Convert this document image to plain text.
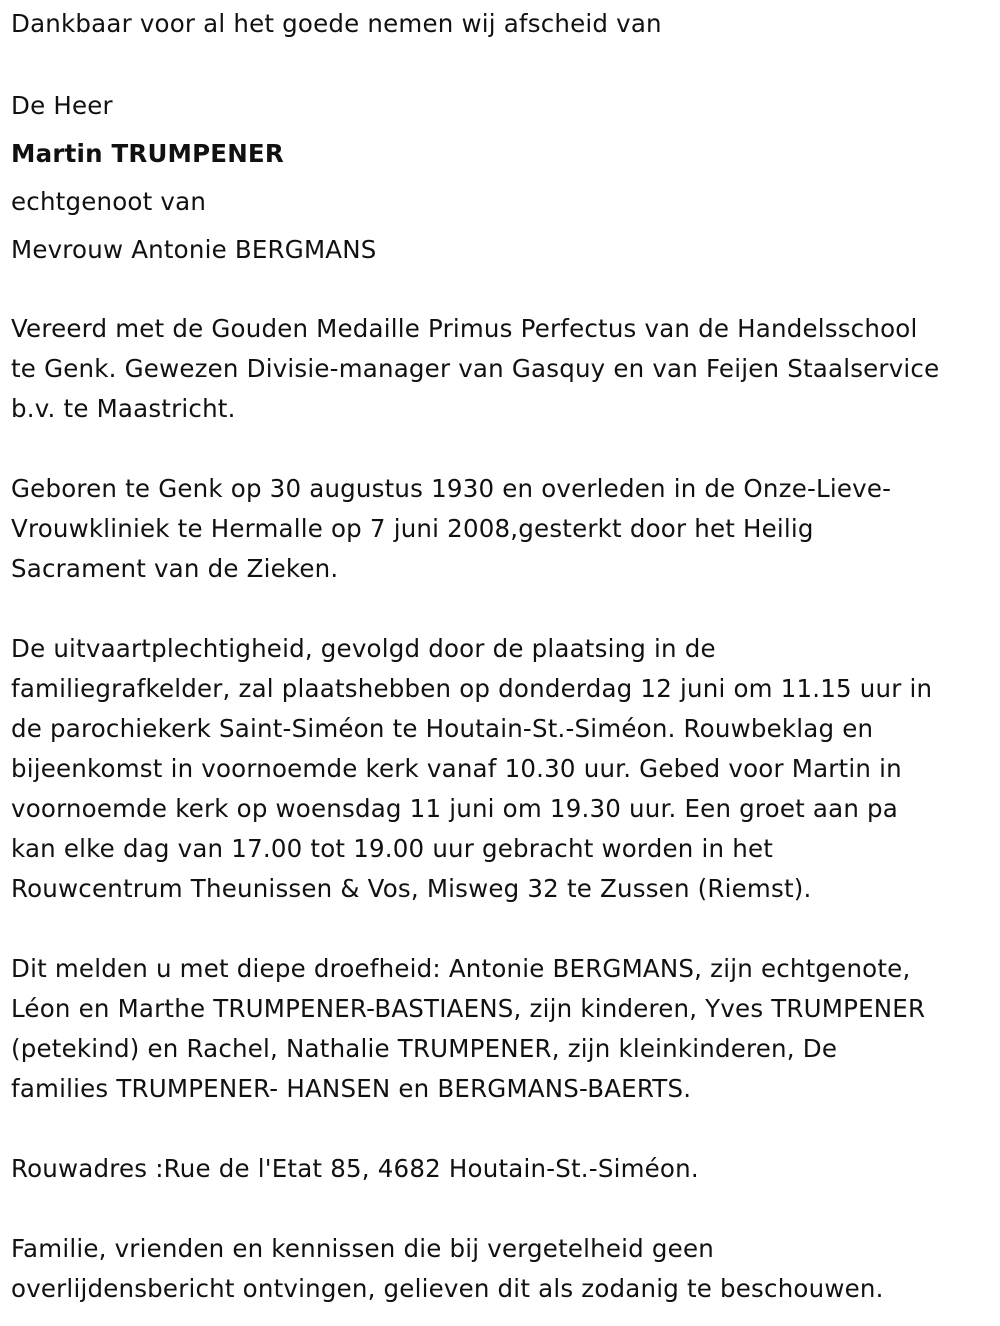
Dankbaar voor al het goede nemen wij afscheid van
De Heer
Martin TRUMPENER
echtgenoot van
Mevrouw Antonie BERGMANS
Vereerd met de Gouden Medaille Primus Perfectus van de Handelsschool
te Genk. Gewezen Divisie-manager van Gasquy en van Feijen Staalservice
b.v. te Maastricht.
Geboren te Genk op 30 augustus 1930 en overleden in de Onze-Lieve-
Vrouwkliniek te Hermalle op 7 juni 2008,gesterkt door het Heilig
Sacrament van de Zieken.
De uitvaartplechtigheid, gevolgd door de plaatsing in de
familiegrafkelder, zal plaatshebben op donderdag 12 juni om 11.15 uur in
de parochiekerk Saint-Siméon te Houtain-St.-Siméon. Rouwbeklag en
bijeenkomst in voornoemde kerk vanaf 10.30 uur. Gebed voor Martin in
voornoemde kerk op woensdag 11 juni om 19.30 uur. Een groet aan pa
kan elke dag van 17.00 tot 19.00 uur gebracht worden in het
Rouwcentrum Theunissen & Vos, Misweg 32 te Zussen (Riemst).
Dit melden u met diepe droefheid: Antonie BERGMANS, zijn echtgenote,
Léon en Marthe TRUMPENER-BASTIAENS, zijn kinderen, Yves TRUMPENER
(petekind) en Rachel, Nathalie TRUMPENER, zijn kleinkinderen, De
families TRUMPENER- HANSEN en BERGMANS-BAERTS.
Rouwadres :Rue de l'Etat 85, 4682 Houtain-St.-Siméon.
Familie, vrienden en kennissen die bij vergetelheid geen
overlijdensbericht ontvingen, gelieven dit als zodanig te beschouwen.
